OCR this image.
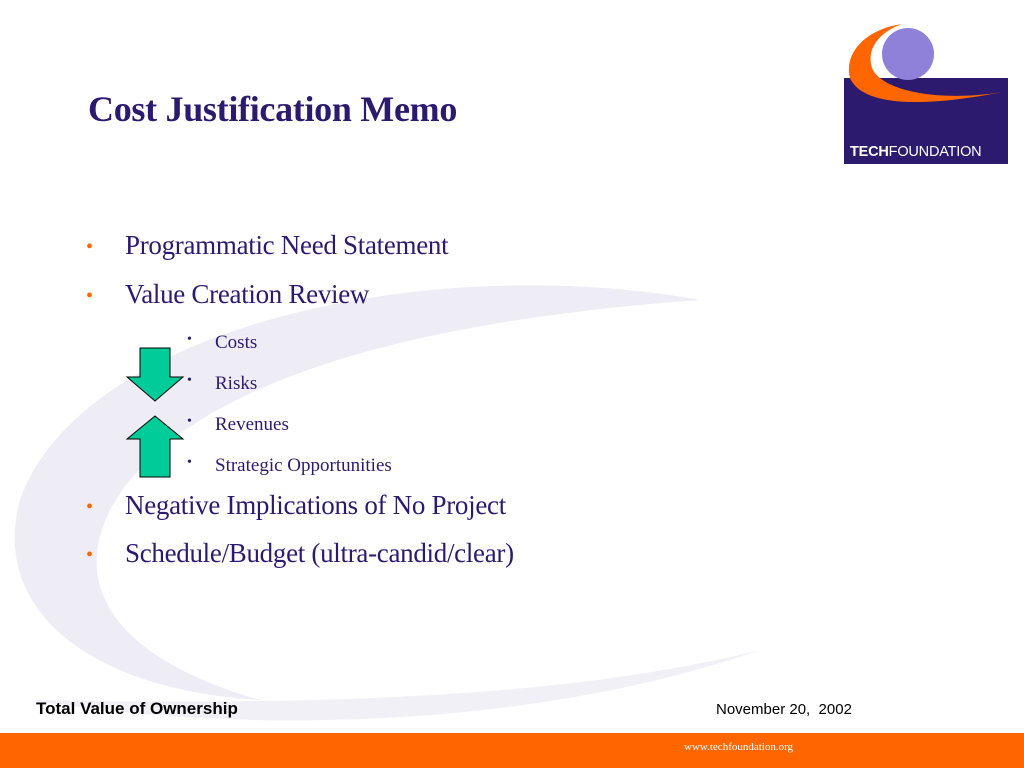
Cost Justification Memo
TECHFOUNDATION
• Programmatic Need Statement
• Value Creation Review
• Costs
• Risks
• Revenues
• Strategic Opportunities
• Negative Implications of No Project
• Schedule/Budget (ultra-candid/clear)
Total Value of Ownership	November 20,  2002
www.techfoundation.org
